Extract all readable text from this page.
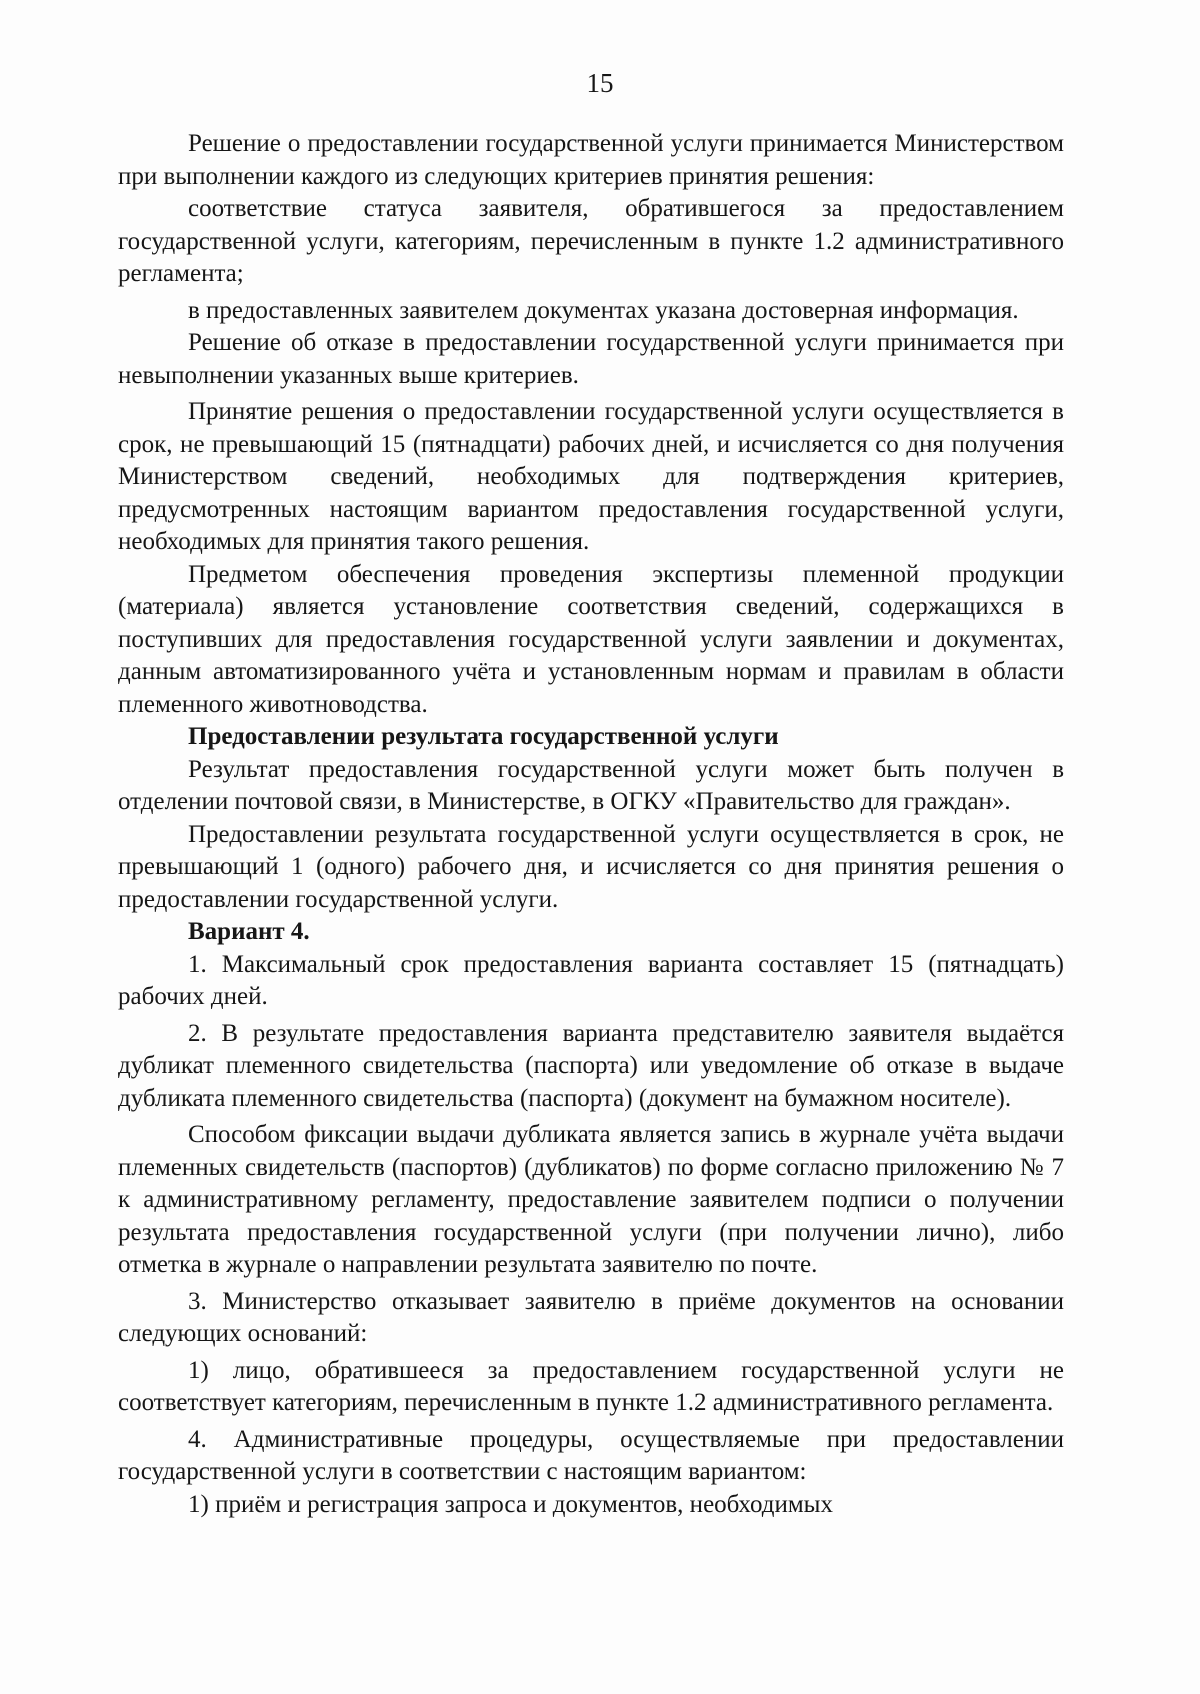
15

Решение о предоставлении государственной услуги принимается Министерством при выполнении каждого из следующих критериев принятия решения:

соответствие статуса заявителя, обратившегося за предоставлением государственной услуги, категориям, перечисленным в пункте 1.2 административного регламента;

в предоставленных заявителем документах указана достоверная информация.

Решение об отказе в предоставлении государственной услуги принимается при невыполнении указанных выше критериев.

Принятие решения о предоставлении государственной услуги осуществляется в срок, не превышающий 15 (пятнадцати) рабочих дней, и исчисляется со дня получения Министерством сведений, необходимых для подтверждения критериев, предусмотренных настоящим вариантом предоставления государственной услуги, необходимых для принятия такого решения.

Предметом обеспечения проведения экспертизы племенной продукции (материала) является установление соответствия сведений, содержащихся в поступивших для предоставления государственной услуги заявлении и документах, данным автоматизированного учёта и установленным нормам и правилам в области племенного животноводства.

Предоставлении результата государственной услуги

Результат предоставления государственной услуги может быть получен в отделении почтовой связи, в Министерстве, в ОГКУ «Правительство для граждан».

Предоставлении результата государственной услуги осуществляется в срок, не превышающий 1 (одного) рабочего дня, и исчисляется со дня принятия решения о предоставлении государственной услуги.

Вариант 4.

1. Максимальный срок предоставления варианта составляет 15 (пятнадцать) рабочих дней.

2. В результате предоставления варианта представителю заявителя выдаётся дубликат племенного свидетельства (паспорта) или уведомление об отказе в выдаче дубликата племенного свидетельства (паспорта) (документ на бумажном носителе).

Способом фиксации выдачи дубликата является запись в журнале учёта выдачи племенных свидетельств (паспортов) (дубликатов) по форме согласно приложению № 7 к административному регламенту, предоставление заявителем подписи о получении результата предоставления государственной услуги (при получении лично), либо отметка в журнале о направлении результата заявителю по почте.

3. Министерство отказывает заявителю в приёме документов на основании следующих оснований:

1) лицо, обратившееся за предоставлением государственной услуги не соответствует категориям, перечисленным в пункте 1.2 административного регламента.

4. Административные процедуры, осуществляемые при предоставлении государственной услуги в соответствии с настоящим вариантом:

1) приём и регистрация запроса и документов, необходимых
